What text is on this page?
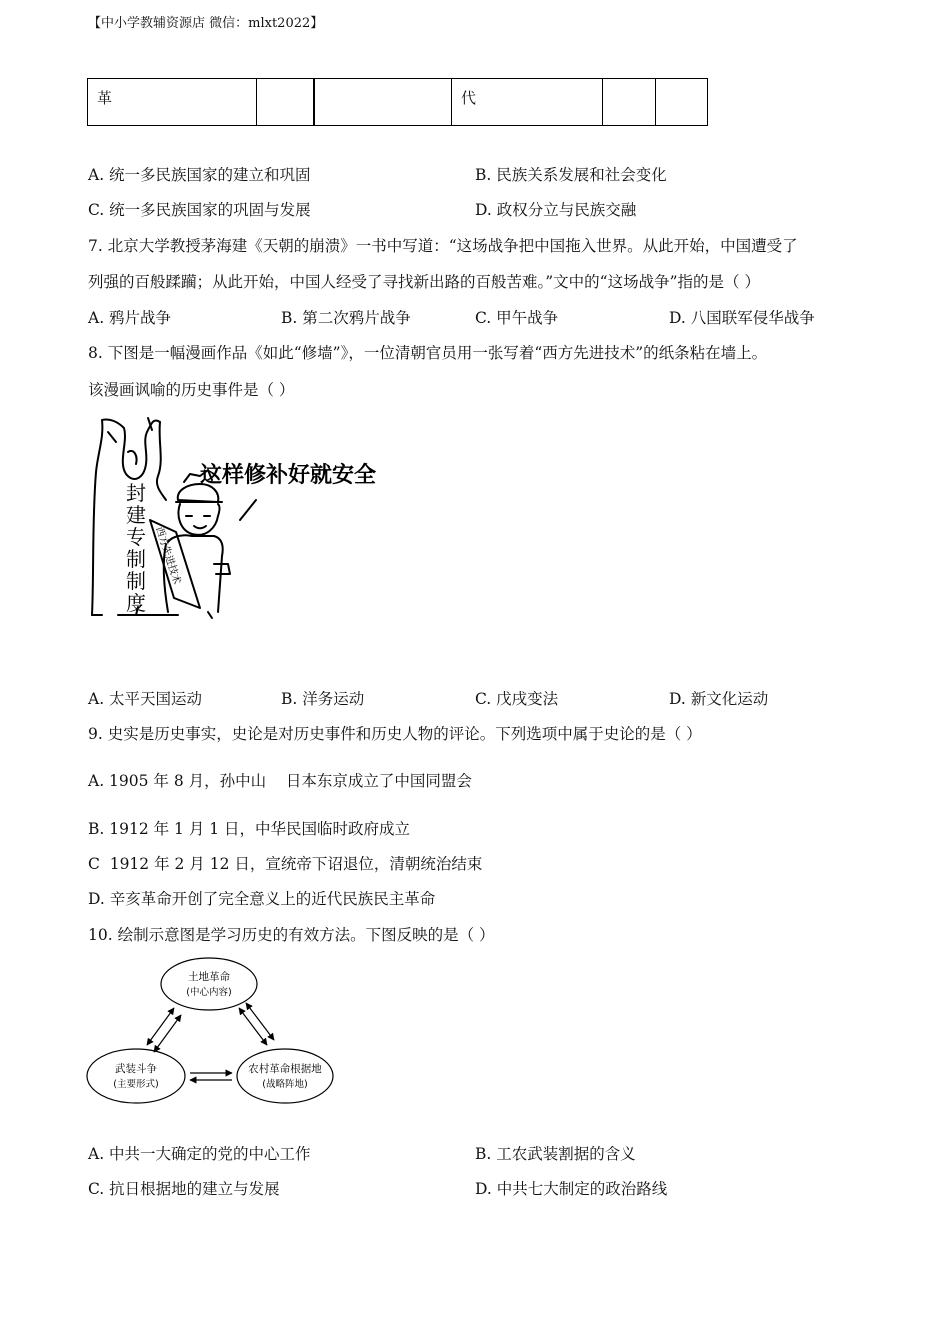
【中小学教辅资源店 微信：mlxt2022】
革			代		
A. 统一多民族国家的建立和巩固	B. 民族关系发展和社会变化
C. 统一多民族国家的巩固与发展	D. 政权分立与民族交融
7. 北京大学教授茅海建《天朝的崩溃》一书中写道：“这场战争把中国拖入世界。从此开始，中国遭受了
列强的百般蹂躏；从此开始，中国人经受了寻找新出路的百般苦难。”文中的“这场战争”指的是（ ）
A. 鸦片战争	B. 第二次鸦片战争	C. 甲午战争	D. 八国联军侵华战争
8. 下图是一幅漫画作品《如此“修墙”》，一位清朝官员用一张写着“西方先进技术”的纸条粘在墙上。
该漫画讽喻的历史事件是（ ）
这样修补好就安全
封
建
专
制
制
度
西方先进技术
A. 太平天国运动	B. 洋务运动	C. 戊戌变法	D. 新文化运动
9. 史实是历史事实，史论是对历史事件和历史人物的评论。下列选项中属于史论的是（ ）
A. 1905 年 8 月，孙中山    日本东京成立了中国同盟会
B. 1912 年 1 月 1 日，中华民国临时政府成立
C  1912 年 2 月 12 日，宣统帝下诏退位，清朝统治结束
D. 辛亥革命开创了完全意义上的近代民族民主革命
10. 绘制示意图是学习历史的有效方法。下图反映的是（ ）
土地革命
(中心内容)
武装斗争
(主要形式)
农村革命根据地
(战略阵地)
A. 中共一大确定的党的中心工作	B. 工农武装割据的含义
C. 抗日根据地的建立与发展	D. 中共七大制定的政治路线
